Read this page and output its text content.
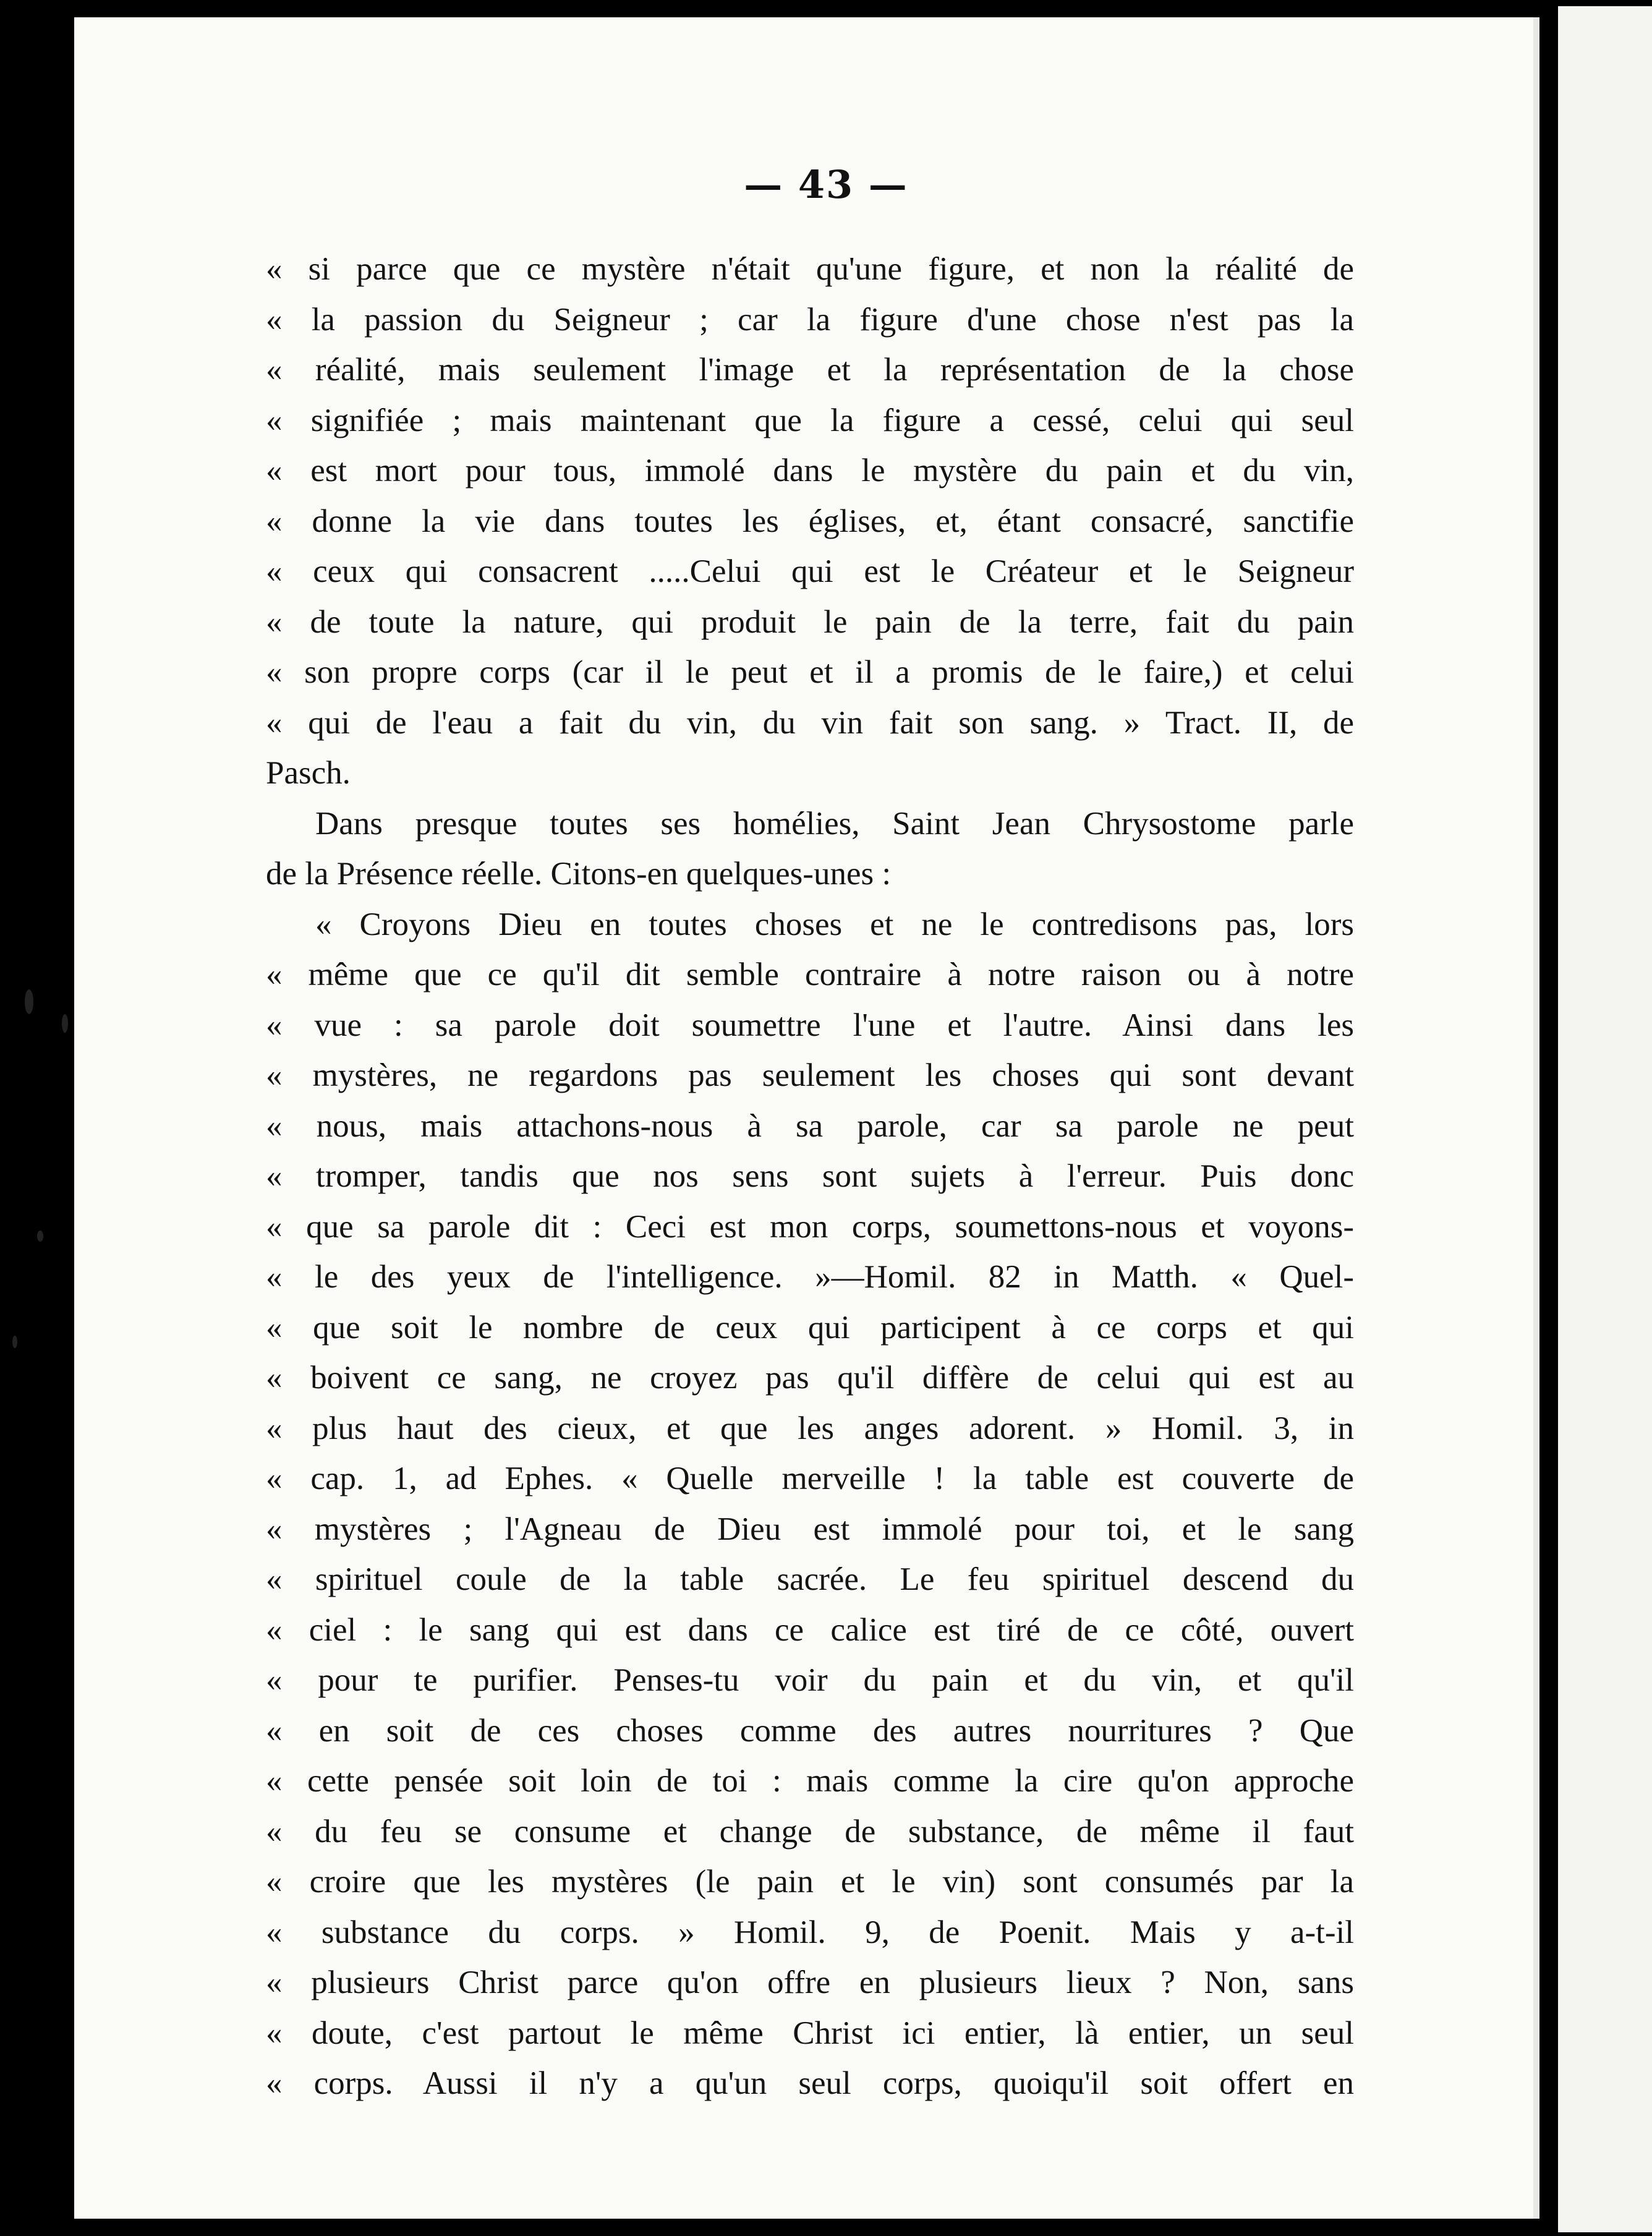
— 43 —
« si parce que ce mystère n'était qu'une figure, et non la réalité de
« la passion du Seigneur ; car la figure d'une chose n'est pas la
« réalité, mais seulement l'image et la représentation de la chose
« signifiée ; mais maintenant que la figure a cessé, celui qui seul
« est mort pour tous, immolé dans le mystère du pain et du vin,
« donne la vie dans toutes les églises, et, étant consacré, sanctifie
« ceux qui consacrent .....Celui qui est le Créateur et le Seigneur
« de toute la nature, qui produit le pain de la terre, fait du pain
« son propre corps (car il le peut et il a promis de le faire,) et celui
« qui de l'eau a fait du vin, du vin fait son sang. » Tract. II, de
Pasch.
Dans presque toutes ses homélies, Saint Jean Chrysostome parle
de la Présence réelle. Citons-en quelques-unes :
« Croyons Dieu en toutes choses et ne le contredisons pas, lors
« même que ce qu'il dit semble contraire à notre raison ou à notre
« vue : sa parole doit soumettre l'une et l'autre. Ainsi dans les
« mystères, ne regardons pas seulement les choses qui sont devant
« nous, mais attachons-nous à sa parole, car sa parole ne peut
« tromper, tandis que nos sens sont sujets à l'erreur. Puis donc
« que sa parole dit : Ceci est mon corps, soumettons-nous et voyons-
« le des yeux de l'intelligence. »—Homil. 82 in Matth. « Quel-
« que soit le nombre de ceux qui participent à ce corps et qui
« boivent ce sang, ne croyez pas qu'il diffère de celui qui est au
« plus haut des cieux, et que les anges adorent. » Homil. 3, in
« cap. 1, ad Ephes. « Quelle merveille ! la table est couverte de
« mystères ; l'Agneau de Dieu est immolé pour toi, et le sang
« spirituel coule de la table sacrée. Le feu spirituel descend du
« ciel : le sang qui est dans ce calice est tiré de ce côté, ouvert
« pour te purifier. Penses-tu voir du pain et du vin, et qu'il
« en soit de ces choses comme des autres nourritures ? Que
« cette pensée soit loin de toi : mais comme la cire qu'on approche
« du feu se consume et change de substance, de même il faut
« croire que les mystères (le pain et le vin) sont consumés par la
« substance du corps. » Homil. 9, de Poenit. Mais y a-t-il
« plusieurs Christ parce qu'on offre en plusieurs lieux ? Non, sans
« doute, c'est partout le même Christ ici entier, là entier, un seul
« corps. Aussi il n'y a qu'un seul corps, quoiqu'il soit offert en
